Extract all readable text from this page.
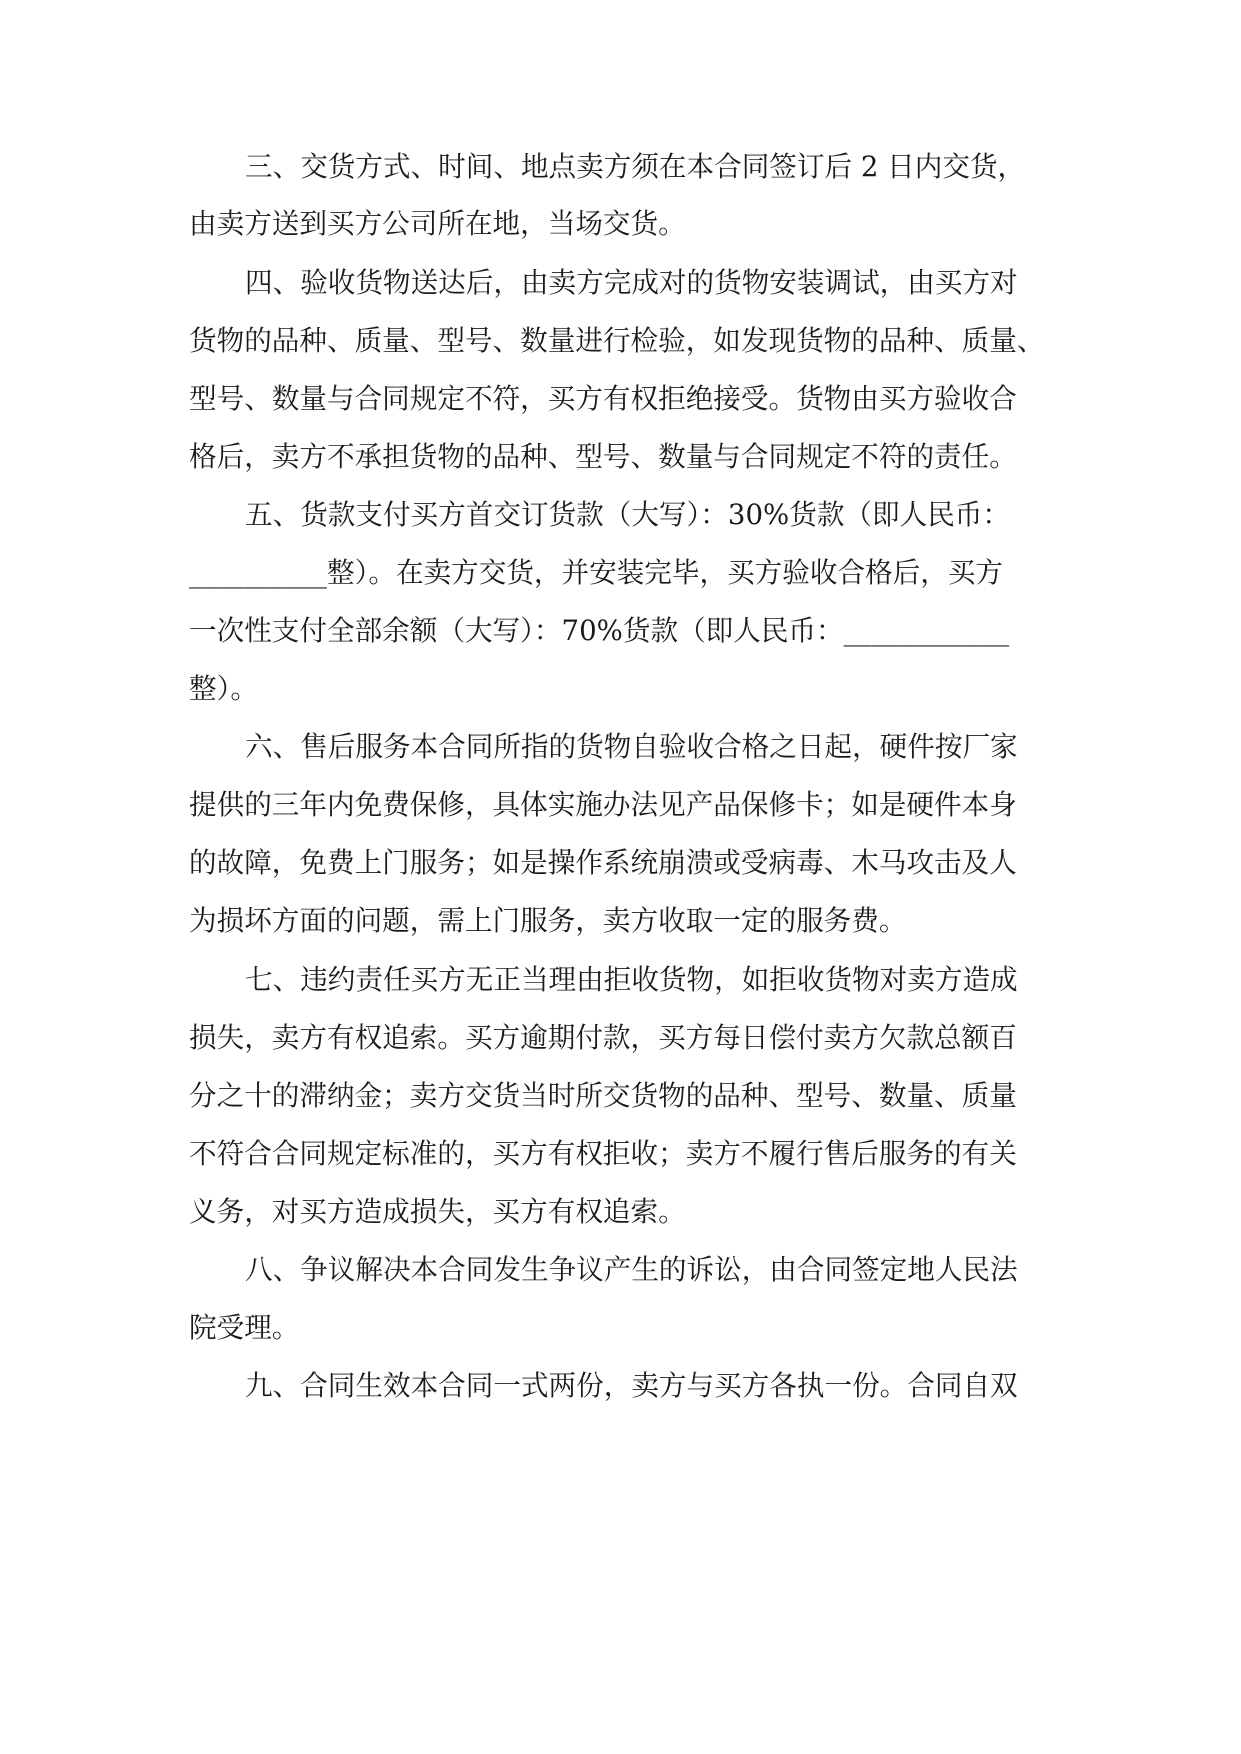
三、交货方式、时间、地点卖方须在本合同签订后 2 日内交货，
由卖方送到买方公司所在地，当场交货。
四、验收货物送达后，由卖方完成对的货物安装调试，由买方对
货物的品种、质量、型号、数量进行检验，如发现货物的品种、质量、
型号、数量与合同规定不符，买方有权拒绝接受。货物由买方验收合
格后，卖方不承担货物的品种、型号、数量与合同规定不符的责任。
五、货款支付买方首交订货款（大写）：30%货款（即人民币：
__________整）。在卖方交货，并安装完毕，买方验收合格后，买方
一次性支付全部余额（大写）：70%货款（即人民币：____________
整）。
六、售后服务本合同所指的货物自验收合格之日起，硬件按厂家
提供的三年内免费保修，具体实施办法见产品保修卡；如是硬件本身
的故障，免费上门服务；如是操作系统崩溃或受病毒、木马攻击及人
为损坏方面的问题，需上门服务，卖方收取一定的服务费。
七、违约责任买方无正当理由拒收货物，如拒收货物对卖方造成
损失，卖方有权追索。买方逾期付款，买方每日偿付卖方欠款总额百
分之十的滞纳金；卖方交货当时所交货物的品种、型号、数量、质量
不符合合同规定标准的，买方有权拒收；卖方不履行售后服务的有关
义务，对买方造成损失，买方有权追索。
八、争议解决本合同发生争议产生的诉讼，由合同签定地人民法
院受理。
九、合同生效本合同一式两份，卖方与买方各执一份。合同自双
